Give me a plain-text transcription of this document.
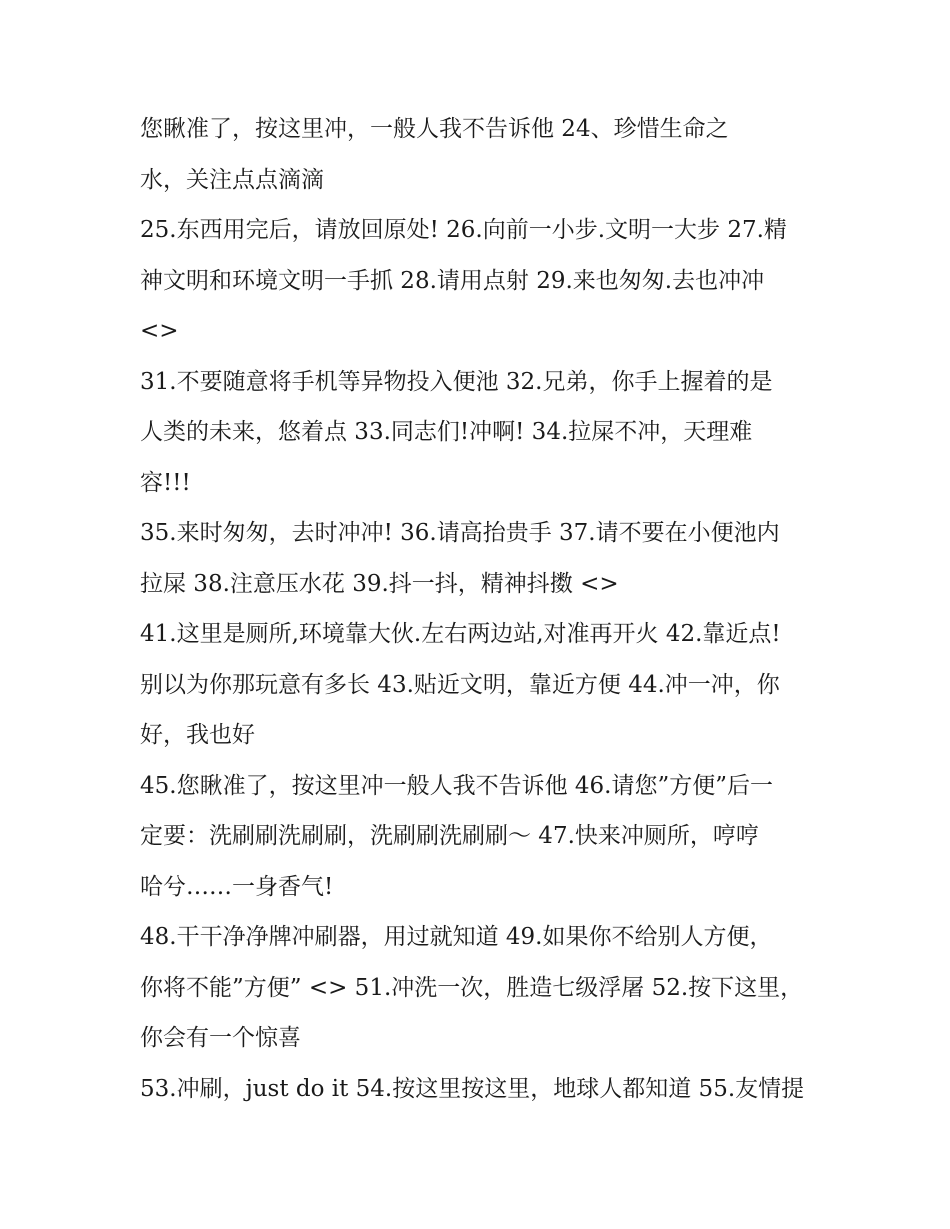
您瞅准了，按这里冲，一般人我不告诉他 24、珍惜生命之
水，关注点点滴滴
25.东西用完后，请放回原处! 26.向前一小步.文明一大步 27.精
神文明和环境文明一手抓 28.请用点射 29.来也匆匆.去也冲冲
<>
31.不要随意将手机等异物投入便池 32.兄弟，你手上握着的是
人类的未来，悠着点 33.同志们!冲啊! 34.拉屎不冲，天理难
容!!!
35.来时匆匆，去时冲冲! 36.请高抬贵手 37.请不要在小便池内
拉屎 38.注意压水花 39.抖一抖，精神抖擞 <>
41.这里是厕所,环境靠大伙.左右两边站,对准再开火 42.靠近点!
别以为你那玩意有多长 43.贴近文明，靠近方便 44.冲一冲，你
好，我也好
45.您瞅准了，按这里冲一般人我不告诉他 46.请您”方便”后一
定要：洗刷刷洗刷刷，洗刷刷洗刷刷～ 47.快来冲厕所，哼哼
哈兮……一身香气!
48.干干净净牌冲刷器，用过就知道 49.如果你不给别人方便，
你将不能”方便” <> 51.冲洗一次，胜造七级浮屠 52.按下这里，
你会有一个惊喜
53.冲刷，just do it 54.按这里按这里，地球人都知道 55.友情提
